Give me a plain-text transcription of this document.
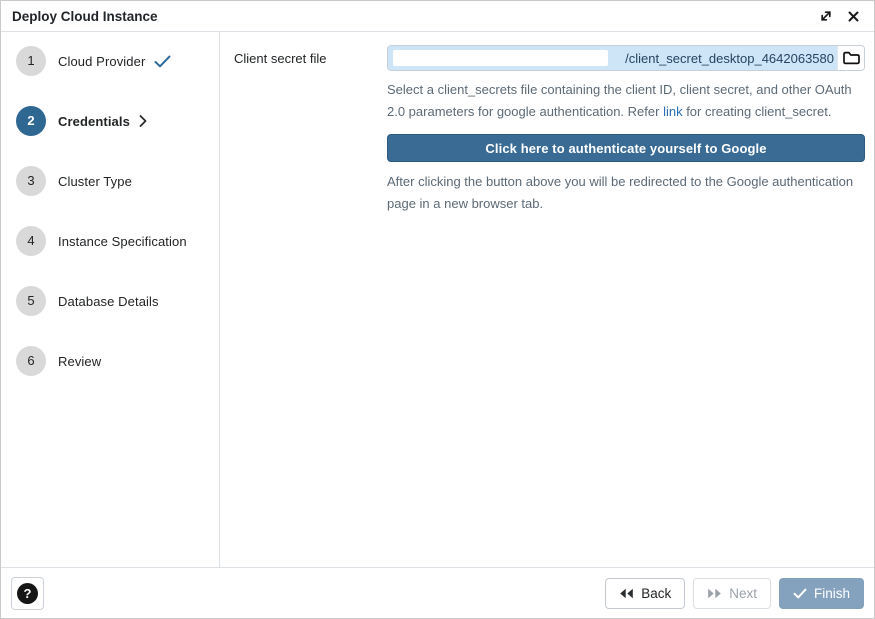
Deploy Cloud Instance
1	Cloud Provider
2	Credentials
3	Cluster Type
4	Instance Specification
5	Database Details
6	Review
Client secret file	/client_secret_desktop_4642063580

Select a client_secrets file containing the client ID, client secret, and other OAuth 2.0 parameters for google authentication. Refer link for creating client_secret.

Click here to authenticate yourself to Google

After clicking the button above you will be redirected to the Google authentication page in a new browser tab.

?	Back	Next	Finish
